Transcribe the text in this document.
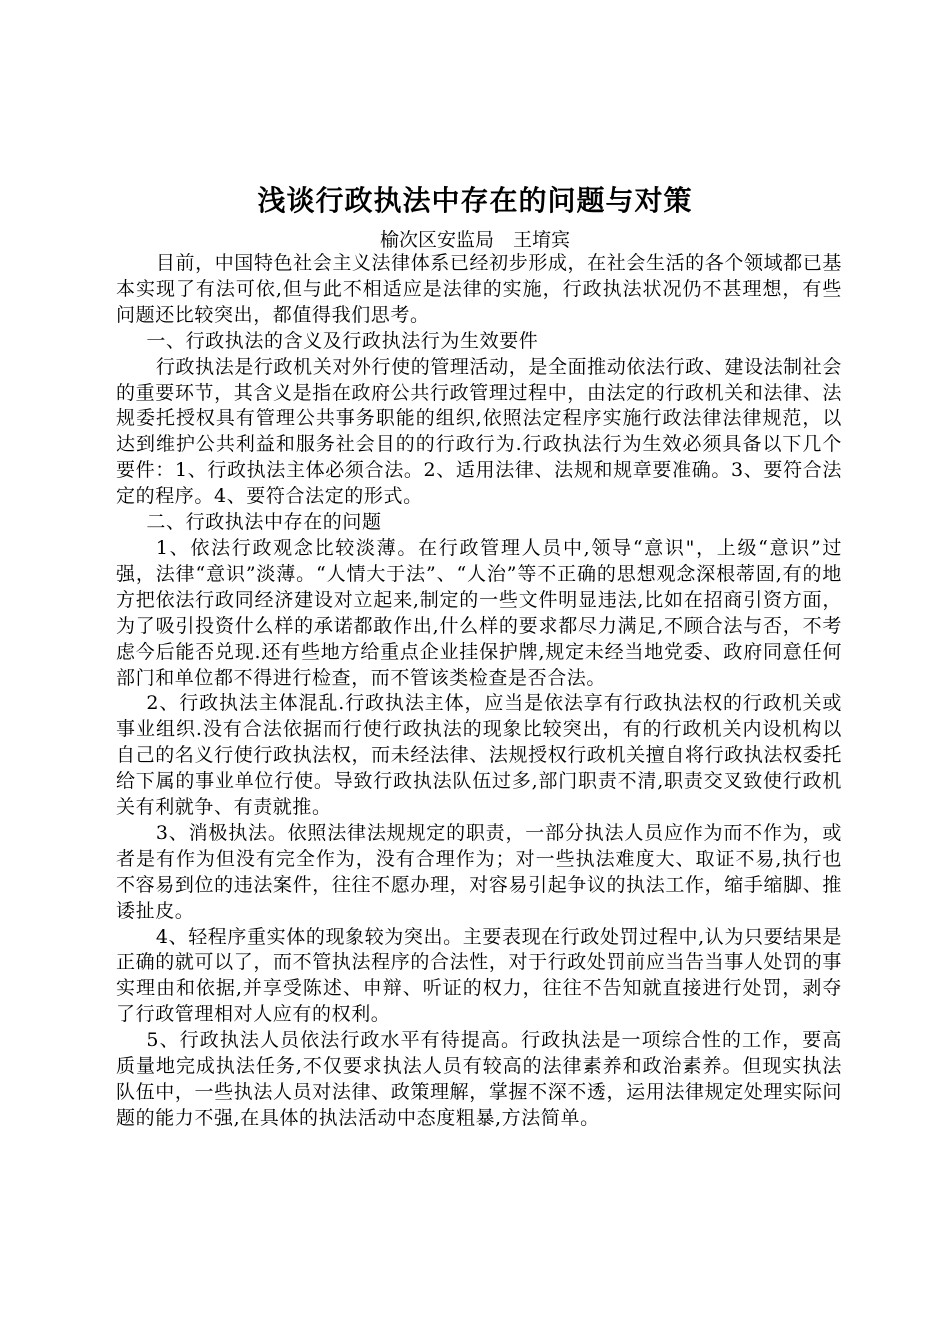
浅谈行政执法中存在的问题与对策
榆次区安监局　王堉宾

目前，中国特色社会主义法律体系已经初步形成，在社会生活的各个领域都已基本实现了有法可依,但与此不相适应是法律的实施，行政执法状况仍不甚理想，有些问题还比较突出，都值得我们思考。

一、行政执法的含义及行政执法行为生效要件

行政执法是行政机关对外行使的管理活动，是全面推动依法行政、建设法制社会的重要环节，其含义是指在政府公共行政管理过程中，由法定的行政机关和法律、法规委托授权具有管理公共事务职能的组织,依照法定程序实施行政法律法律规范，以达到维护公共利益和服务社会目的的行政行为.行政执法行为生效必须具备以下几个要件：1、行政执法主体必须合法。2、适用法律、法规和规章要准确。3、要符合法定的程序。4、要符合法定的形式。

二、行政执法中存在的问题

1、依法行政观念比较淡薄。在行政管理人员中,领导“意识"，上级“意识”过强，法律“意识”淡薄。“人情大于法”、“人治”等不正确的思想观念深根蒂固,有的地方把依法行政同经济建设对立起来,制定的一些文件明显违法,比如在招商引资方面，为了吸引投资什么样的承诺都敢作出,什么样的要求都尽力满足,不顾合法与否，不考虑今后能否兑现.还有些地方给重点企业挂保护牌,规定未经当地党委、政府同意任何部门和单位都不得进行检查，而不管该类检查是否合法。

2、行政执法主体混乱.行政执法主体，应当是依法享有行政执法权的行政机关或事业组织.没有合法依据而行使行政执法的现象比较突出，有的行政机关内设机构以自己的名义行使行政执法权，而未经法律、法规授权行政机关擅自将行政执法权委托给下属的事业单位行使。导致行政执法队伍过多,部门职责不清,职责交叉致使行政机关有利就争、有责就推。

3、消极执法。依照法律法规规定的职责，一部分执法人员应作为而不作为，或者是有作为但没有完全作为，没有合理作为；对一些执法难度大、取证不易,执行也不容易到位的违法案件，往往不愿办理，对容易引起争议的执法工作，缩手缩脚、推诿扯皮。

4、轻程序重实体的现象较为突出。主要表现在行政处罚过程中,认为只要结果是正确的就可以了，而不管执法程序的合法性，对于行政处罚前应当告当事人处罚的事实理由和依据,并享受陈述、申辩、听证的权力，往往不告知就直接进行处罚，剥夺了行政管理相对人应有的权利。

5、行政执法人员依法行政水平有待提高。行政执法是一项综合性的工作，要高质量地完成执法任务,不仅要求执法人员有较高的法律素养和政治素养。但现实执法队伍中，一些执法人员对法律、政策理解，掌握不深不透，运用法律规定处理实际问题的能力不强,在具体的执法活动中态度粗暴,方法简单。
